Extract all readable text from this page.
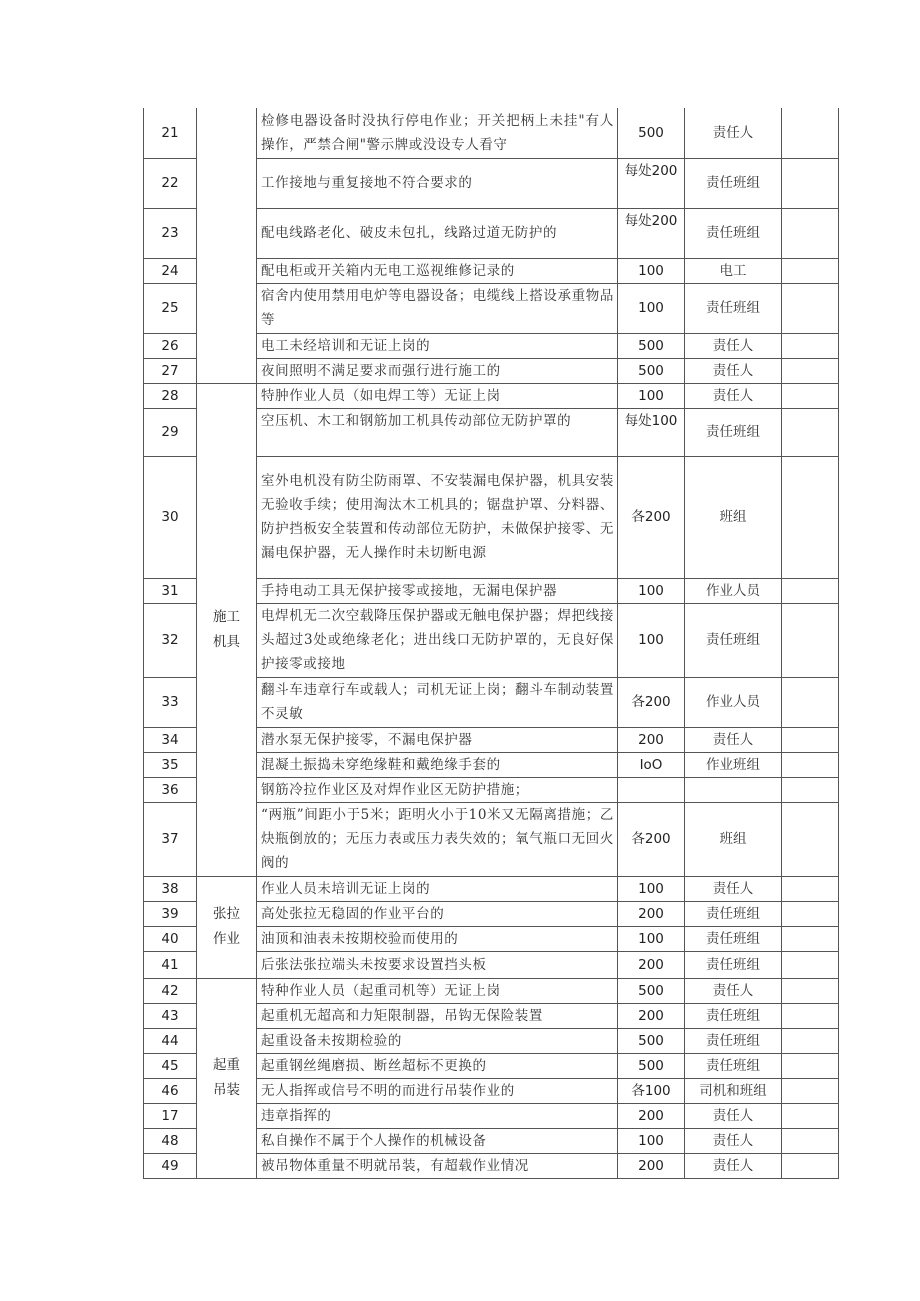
21		检修电器设备时没执行停电作业；开关把柄上未挂"有人操作，严禁合闸"警示牌或没设专人看守	500	责任人	
22		工作接地与重复接地不符合要求的	每处200	责任班组	
23		配电线路老化、破皮未包扎，线路过道无防护的	每处200	责任班组	
24		配电柜或开关箱内无电工巡视维修记录的	100	电工	
25		宿舍内使用禁用电炉等电器设备；电缆线上搭设承重物品等	100	责任班组	
26		电工未经培训和无证上岗的	500	责任人	
27		夜间照明不满足要求而强行进行施工的	500	责任人	
28	施工机具	特肿作业人员（如电焊工等）无证上岗	100	责任人	
29		空压机、木工和钢筋加工机具传动部位无防护罩的	每处100	责任班组	
30		室外电机没有防尘防雨罩、不安装漏电保护器，机具安装无验收手续；使用淘汰木工机具的；锯盘护罩、分料器、防护挡板安全装置和传动部位无防护，未做保护接零、无漏电保护器，无人操作时未切断电源	各200	班组	
31		手持电动工具无保护接零或接地，无漏电保护器	100	作业人员	
32		电焊机无二次空载降压保护器或无触电保护器；焊把线接头超过3处或绝缘老化；进出线口无防护罩的，无良好保护接零或接地	100	责任班组	
33		翻斗车违章行车或载人；司机无证上岗；翻斗车制动装置不灵敏	各200	作业人员	
34		潜水泵无保护接零，不漏电保护器	200	责任人	
35		混凝土振捣未穿绝缘鞋和戴绝缘手套的	IoO	作业班组	
36		钢筋冷拉作业区及对焊作业区无防护措施；			
37		“两瓶”间距小于5米；距明火小于10米又无隔离措施；乙炔瓶倒放的；无压力表或压力表失效的；氧气瓶口无回火阀的	各200	班组	
38	张拉作业	作业人员未培训无证上岗的	100	责任人	
39		高处张拉无稳固的作业平台的	200	责任班组	
40		油顶和油表未按期校验而使用的	100	责任班组	
41		后张法张拉端头未按要求设置挡头板	200	责任班组	
42	起重吊装	特种作业人员（起重司机等）无证上岗	500	责任人	
43		起重机无超高和力矩限制器，吊钩无保险装置	200	责任班组	
44		起重设备未按期检验的	500	责任班组	
45		起重钢丝绳磨损、断丝超标不更换的	500	责任班组	
46		无人指挥或信号不明的而进行吊装作业的	各100	司机和班组	
17		违章指挥的	200	责任人	
48		私自操作不属于个人操作的机械设备	100	责任人	
49		被吊物体重量不明就吊装，有超载作业情况	200	责任人	
